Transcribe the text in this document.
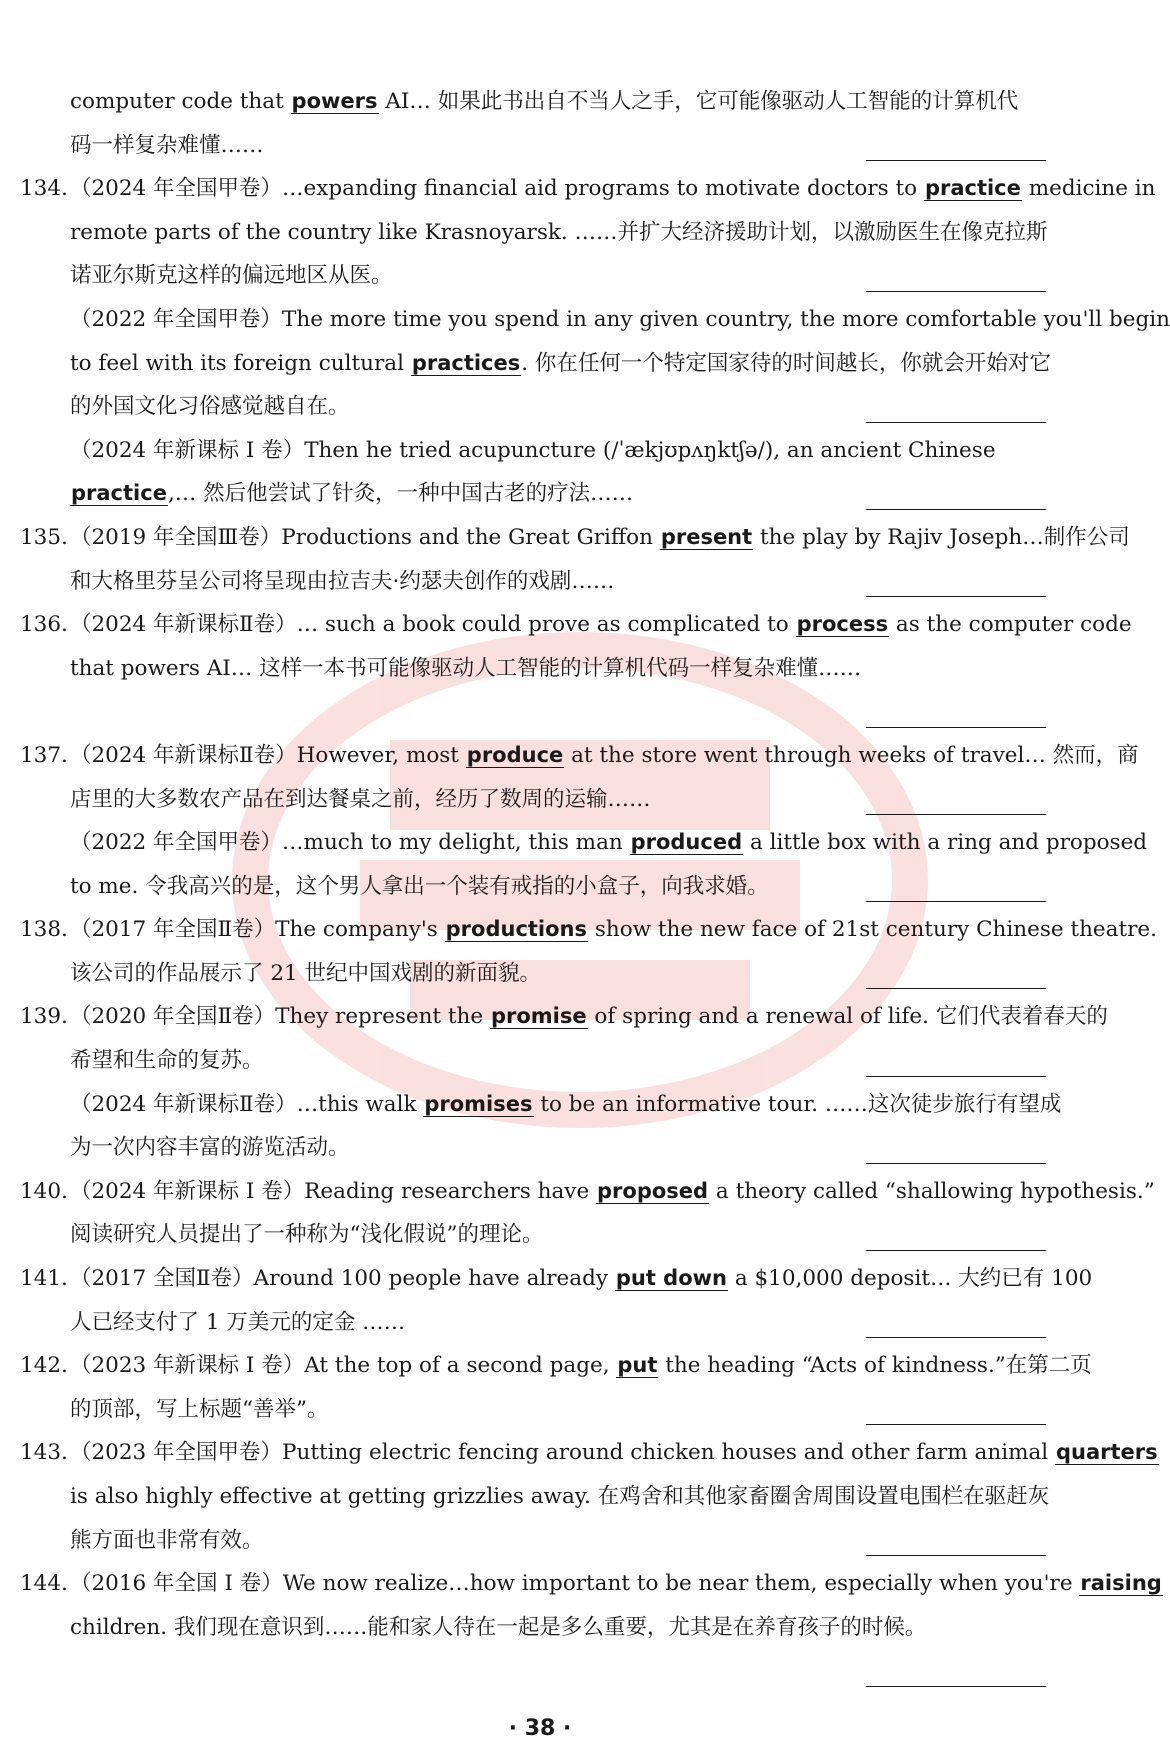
computer code that powers AI… 如果此书出自不当人之手，它可能像驱动人工智能的计算机代
码一样复杂难懂……
134.（2024 年全国甲卷）…expanding financial aid programs to motivate doctors to practice medicine in
remote parts of the country like Krasnoyarsk. ……并扩大经济援助计划，以激励医生在像克拉斯
诺亚尔斯克这样的偏远地区从医。
（2022 年全国甲卷）The more time you spend in any given country, the more comfortable you'll begin
to feel with its foreign cultural practices. 你在任何一个特定国家待的时间越长，你就会开始对它
的外国文化习俗感觉越自在。
（2024 年新课标 Ⅰ 卷）Then he tried acupuncture (/ˈækjʊpʌŋktʃə/), an ancient Chinese
practice,… 然后他尝试了针灸，一种中国古老的疗法……
135.（2019 年全国Ⅲ卷）Productions and the Great Griffon present the play by Rajiv Joseph…制作公司
和大格里芬呈公司将呈现由拉吉夫·约瑟夫创作的戏剧……
136.（2024 年新课标Ⅱ卷）… such a book could prove as complicated to process as the computer code
that powers AI… 这样一本书可能像驱动人工智能的计算机代码一样复杂难懂……
137.（2024 年新课标Ⅱ卷）However, most produce at the store went through weeks of travel… 然而，商
店里的大多数农产品在到达餐桌之前，经历了数周的运输……
（2022 年全国甲卷）…much to my delight, this man produced a little box with a ring and proposed
to me. 令我高兴的是，这个男人拿出一个装有戒指的小盒子，向我求婚。
138.（2017 年全国Ⅱ卷）The company's productions show the new face of 21st century Chinese theatre.
该公司的作品展示了 21 世纪中国戏剧的新面貌。
139.（2020 年全国Ⅱ卷）They represent the promise of spring and a renewal of life. 它们代表着春天的
希望和生命的复苏。
（2024 年新课标Ⅱ卷）…this walk promises to be an informative tour. ……这次徒步旅行有望成
为一次内容丰富的游览活动。
140.（2024 年新课标 Ⅰ 卷）Reading researchers have proposed a theory called “shallowing hypothesis.”
阅读研究人员提出了一种称为“浅化假说”的理论。
141.（2017 全国Ⅱ卷）Around 100 people have already put down a $10,000 deposit… 大约已有 100
人已经支付了 1 万美元的定金 ……
142.（2023 年新课标 Ⅰ 卷）At the top of a second page, put the heading “Acts of kindness.”在第二页
的顶部，写上标题“善举”。
143.（2023 年全国甲卷）Putting electric fencing around chicken houses and other farm animal quarters
is also highly effective at getting grizzlies away. 在鸡舍和其他家畜圈舍周围设置电围栏在驱赶灰
熊方面也非常有效。
144.（2016 年全国 Ⅰ 卷）We now realize…how important to be near them, especially when you're raising
children. 我们现在意识到……能和家人待在一起是多么重要，尤其是在养育孩子的时候。
· 38 ·
